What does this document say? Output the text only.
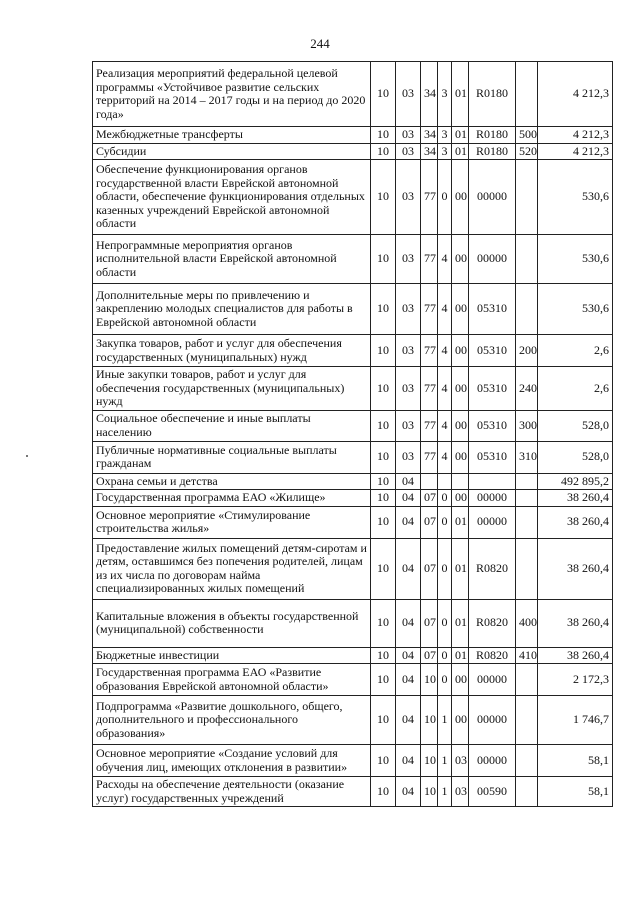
244
Реализация мероприятий федеральной целевой программы «Устойчивое развитие сельских территорий на 2014 – 2017 годы и на период до 2020 года»	10	03	34	3	01	R0180		4 212,3
Межбюджетные трансферты	10	03	34	3	01	R0180	500	4 212,3
Субсидии	10	03	34	3	01	R0180	520	4 212,3
Обеспечение функционирования органов государственной власти Еврейской автономной области, обеспечение функционирования отдельных казенных учреждений Еврейской автономной области	10	03	77	0	00	00000		530,6
Непрограммные мероприятия органов исполнительной власти Еврейской автономной области	10	03	77	4	00	00000		530,6
Дополнительные меры по привлечению и закреплению молодых специалистов для работы в Еврейской автономной области	10	03	77	4	00	05310		530,6
Закупка товаров, работ и услуг для обеспечения государственных (муниципальных) нужд	10	03	77	4	00	05310	200	2,6
Иные закупки товаров, работ и услуг для обеспечения государственных (муниципальных) нужд	10	03	77	4	00	05310	240	2,6
Социальное обеспечение и иные выплаты населению	10	03	77	4	00	05310	300	528,0
Публичные нормативные социальные выплаты гражданам	10	03	77	4	00	05310	310	528,0
Охрана семьи и детства	10	04						492 895,2
Государственная программа ЕАО «Жилище»	10	04	07	0	00	00000		38 260,4
Основное мероприятие «Стимулирование строительства жилья»	10	04	07	0	01	00000		38 260,4
Предоставление жилых помещений детям-сиротам и детям, оставшимся без попечения родителей, лицам из их числа по договорам найма специализированных жилых помещений	10	04	07	0	01	R0820		38 260,4
Капитальные вложения в объекты государственной (муниципальной) собственности	10	04	07	0	01	R0820	400	38 260,4
Бюджетные инвестиции	10	04	07	0	01	R0820	410	38 260,4
Государственная программа ЕАО «Развитие образования Еврейской автономной области»	10	04	10	0	00	00000		2 172,3
Подпрограмма «Развитие дошкольного, общего, дополнительного и профессионального образования»	10	04	10	1	00	00000		1 746,7
Основное мероприятие «Создание условий для обучения лиц, имеющих отклонения в развитии»	10	04	10	1	03	00000		58,1
Расходы на обеспечение деятельности (оказание услуг) государственных учреждений	10	04	10	1	03	00590		58,1
